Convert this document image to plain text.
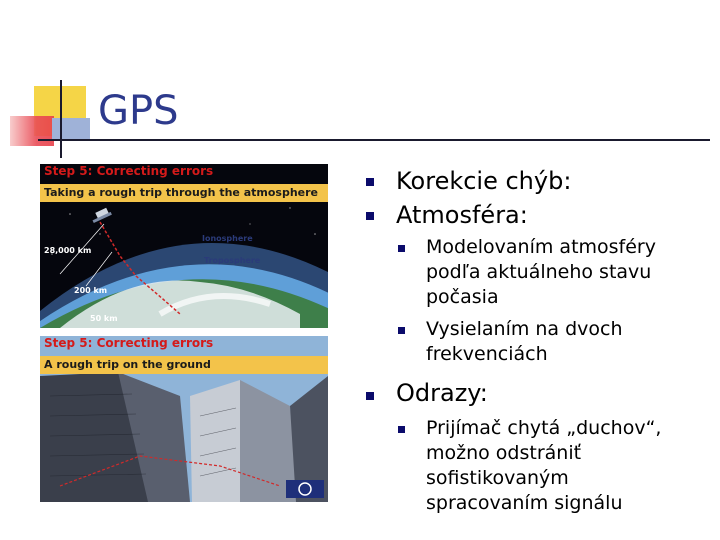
GPS
Step 5: Correcting errors
Taking a rough trip through the atmosphere
Ionosphere
Troposphere
28,000 km
200 km
50 km
Step 5: Correcting errors
A rough trip on the ground
Korekcie chýb:
Atmosféra:
Modelovaním atmosféry
podľa aktuálneho stavu
počasia
Vysielaním na dvoch
frekvenciách
Odrazy:
Prijímač chytá „duchov“,
možno odstrániť
sofistikovaným
spracovaním signálu
